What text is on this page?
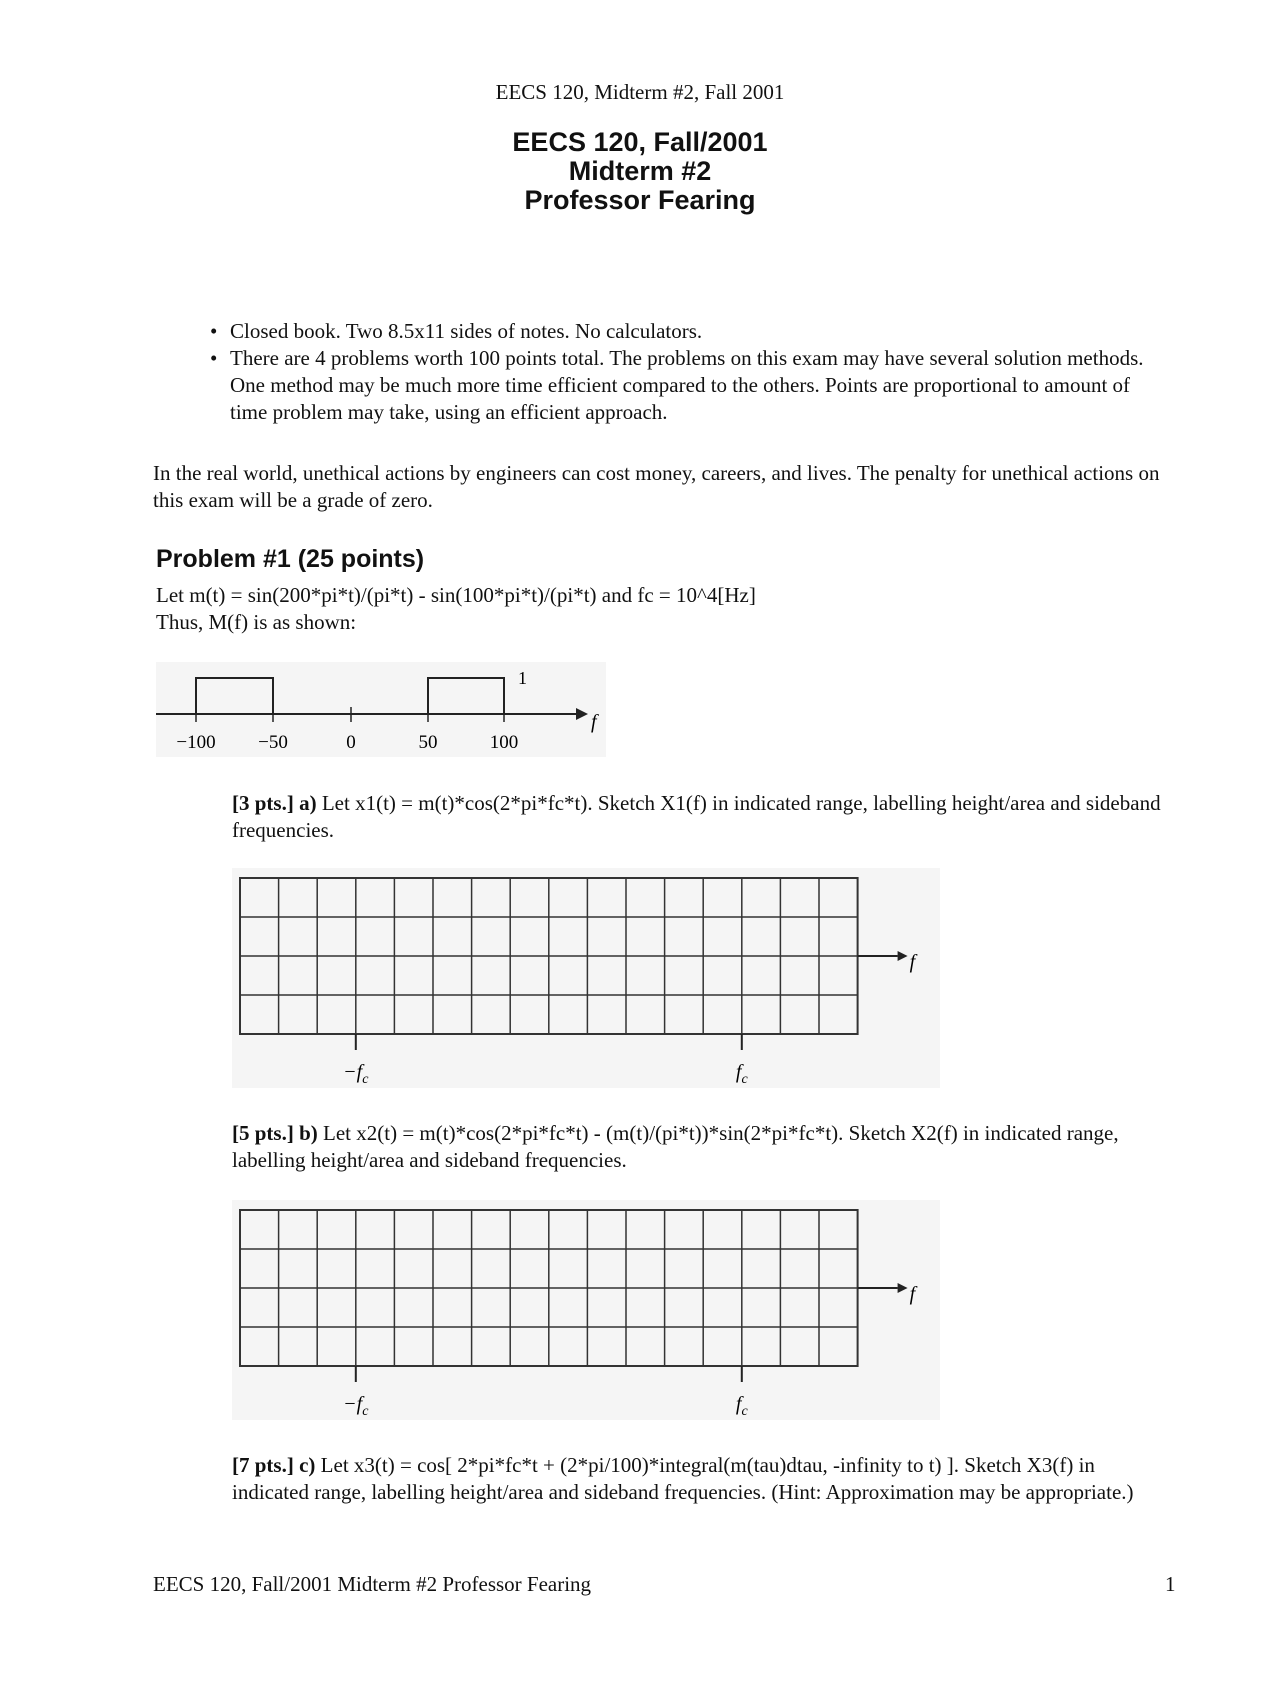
EECS 120, Midterm #2, Fall 2001
EECS 120, Fall/2001
Midterm #2
Professor Fearing
• Closed book. Two 8.5x11 sides of notes. No calculators.
• There are 4 problems worth 100 points total. The problems on this exam may have several solution methods. One method may be much more time efficient compared to the others. Points are proportional to amount of time problem may take, using an efficient approach.
In the real world, unethical actions by engineers can cost money, careers, and lives. The penalty for unethical actions on this exam will be a grade of zero.
Problem #1 (25 points)
Let m(t) = sin(200*pi*t)/(pi*t) - sin(100*pi*t)/(pi*t) and fc = 10^4[Hz]
Thus, M(f) is as shown:
f
1
−100 −50	0	50	100
[3 pts.] a) Let x1(t) = m(t)*cos(2*pi*fc*t). Sketch X1(f) in indicated range, labelling height/area and sideband frequencies.
f
$-f_c$	$f_c$
[5 pts.] b) Let x2(t) = m(t)*cos(2*pi*fc*t) - (m(t)/(pi*t))*sin(2*pi*fc*t). Sketch X2(f) in indicated range, labelling height/area and sideband frequencies.
f
$-f_c$	$f_c$
[7 pts.] c) Let x3(t) = cos[ 2*pi*fc*t + (2*pi/100)*integral(m(tau)dtau, -infinity to t) ]. Sketch X3(f) in indicated range, labelling height/area and sideband frequencies. (Hint: Approximation may be appropriate.)
EECS 120, Fall/2001 Midterm #2 Professor Fearing	1
